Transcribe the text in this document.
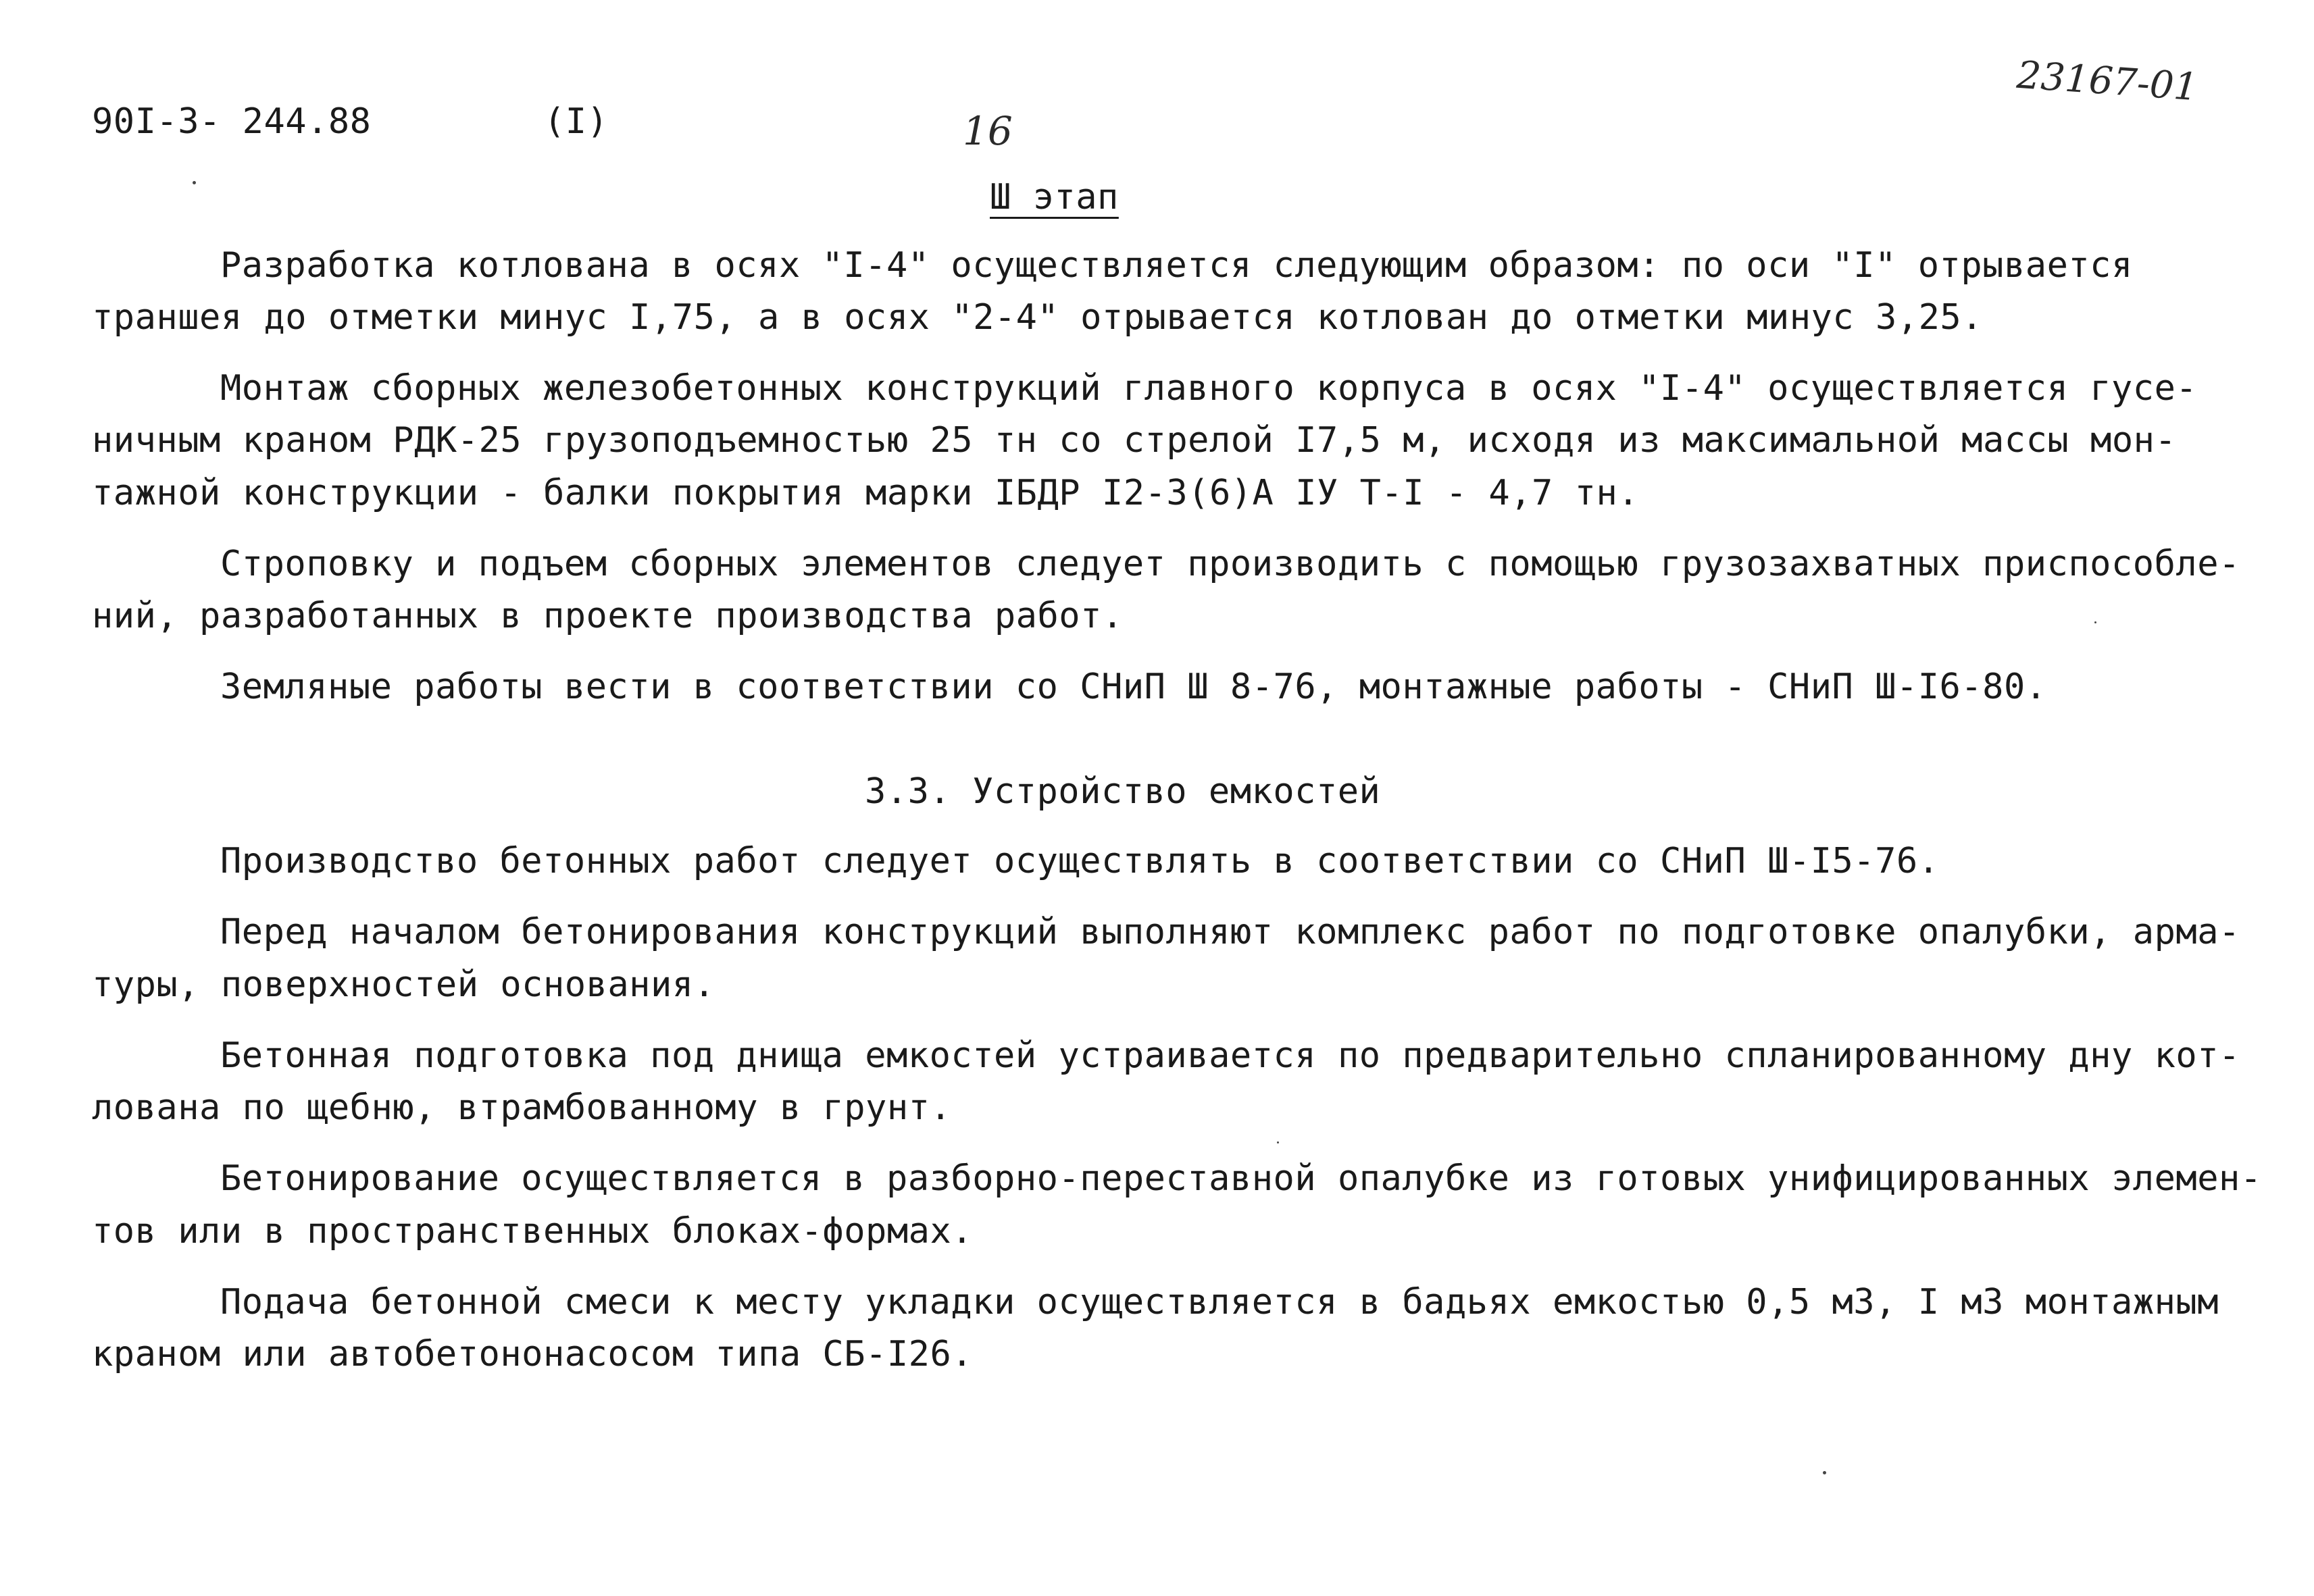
90I-3- 244.88	(I)	16
23167-01
Ш этап
Разработка котлована в осях "I-4" осуществляется следующим образом: по оси "I" отрывается
траншея до отметки минус I,75, а в осях "2-4" отрывается котлован до отметки минус 3,25.
Монтаж сборных железобетонных конструкций главного корпуса в осях "I-4" осуществляется гусе-
ничным краном РДК-25 грузоподъемностью 25 тн со стрелой I7,5 м, исходя из максимальной массы мон-
тажной конструкции - балки покрытия марки IБДР I2-3(6)А IУ Т-I - 4,7 тн.
Строповку и подъем сборных элементов следует производить с помощью грузозахватных приспособле-
ний, разработанных в проекте производства работ.
Земляные работы вести в соответствии со СНиП Ш 8-76, монтажные работы - СНиП Ш-I6-80.
3.3. Устройство емкостей
Производство бетонных работ следует осуществлять в соответствии со СНиП Ш-I5-76.
Перед началом бетонирования конструкций выполняют комплекс работ по подготовке опалубки, арма-
туры, поверхностей основания.
Бетонная подготовка под днища емкостей устраивается по предварительно спланированному дну кот-
лована по щебню, втрамбованному в грунт.
Бетонирование осуществляется в разборно-переставной опалубке из готовых унифицированных элемен-
тов или в пространственных блоках-формах.
Подача бетонной смеси к месту укладки осуществляется в бадьях емкостью 0,5 м3, I м3 монтажным
краном или автобетононасосом типа СБ-I26.
